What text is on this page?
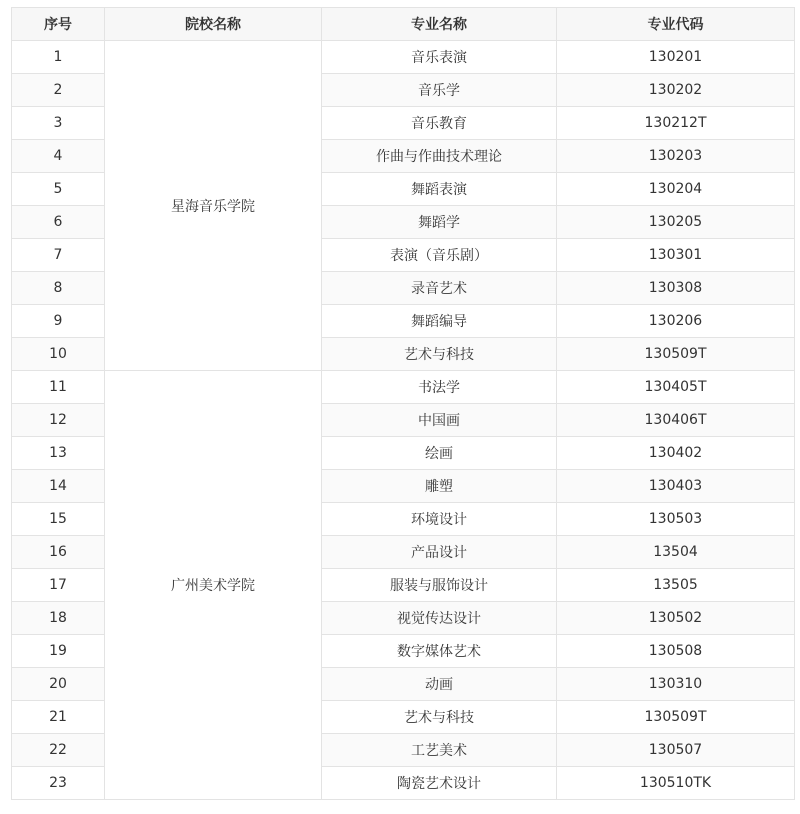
序号	院校名称	专业名称	专业代码
1	星海音乐学院	音乐表演	130201
2		音乐学	130202
3		音乐教育	130212T
4		作曲与作曲技术理论	130203
5		舞蹈表演	130204
6		舞蹈学	130205
7		表演（音乐剧）	130301
8		录音艺术	130308
9		舞蹈编导	130206
10		艺术与科技	130509T
11	广州美术学院	书法学	130405T
12		中国画	130406T
13		绘画	130402
14		雕塑	130403
15		环境设计	130503
16		产品设计	13504
17		服装与服饰设计	13505
18		视觉传达设计	130502
19		数字媒体艺术	130508
20		动画	130310
21		艺术与科技	130509T
22		工艺美术	130507
23		陶瓷艺术设计	130510TK
